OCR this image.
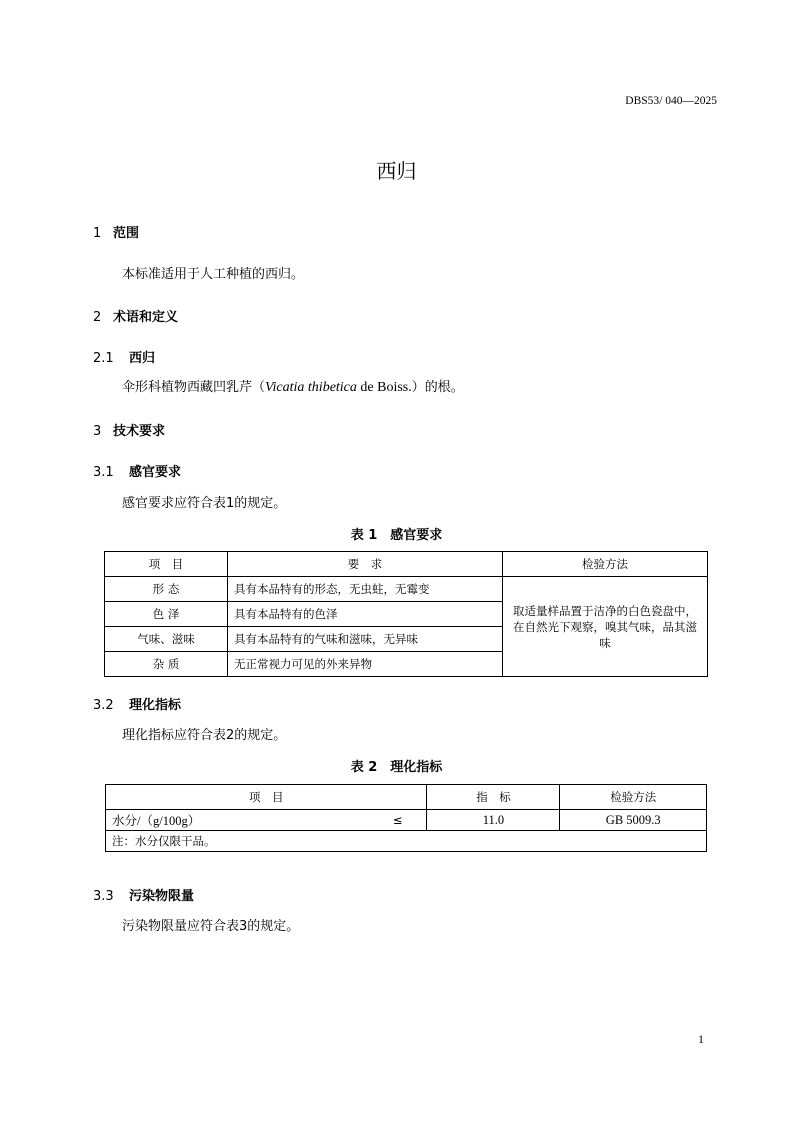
DBS53/ 040—2025
西归
1 范围
本标准适用于人工种植的西归。
2 术语和定义
2.1 西归
伞形科植物西藏凹乳芹（Vicatia thibetica de Boiss.）的根。
3 技术要求
3.1 感官要求
感官要求应符合表1的规定。
表 1　感官要求
项　目	要　求	检验方法
形 态	具有本品特有的形态，无虫蛀，无霉变	取适量样品置于洁净的白色瓷盘中，在自然光下观察，嗅其气味，品其滋味
色 泽	具有本品特有的色泽	
气味、滋味	具有本品特有的气味和滋味，无异味	
杂 质	无正常视力可见的外来异物	
3.2 理化指标
理化指标应符合表2的规定。
表 2　理化指标
项　目		指　标	检验方法
水分/（g/100g）	≤	11.0	GB 5009.3
注：水分仅限干品。			
3.3 污染物限量
污染物限量应符合表3的规定。
1
